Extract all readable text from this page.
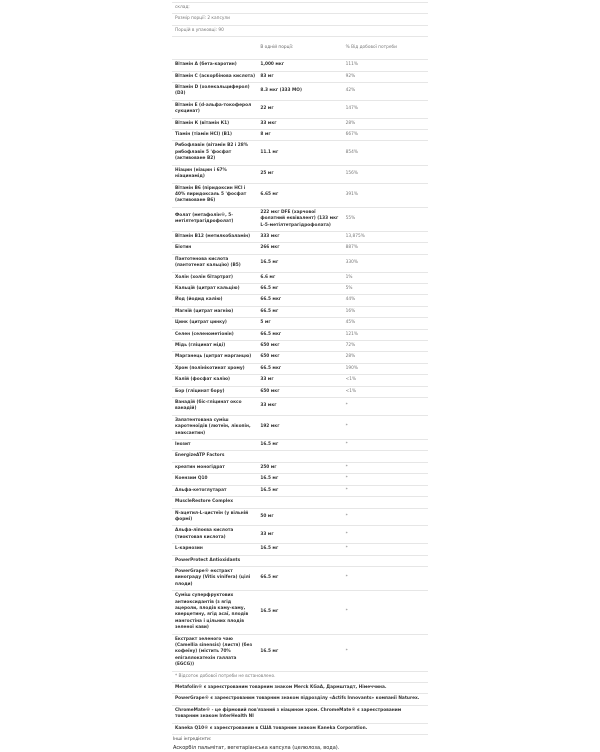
склад:		
Розмір порції: 2 капсули		
Порцій в упаковці: 90		
	В одній порції:	% Від добової потреби
Вітамін А (бета-каротин)	1,000 мкг	111%
Вітамін С (аскорбінова кислота)	83 мг	92%
Вітамін D (холекальциферол) (D3)	8.3 мкг (333 МО)	42%
Вітамін Е (d-альфа-токоферол сукцинат)	22 мг	147%
Вітамін К (вітамін К1)	33 мкг	28%
Тіамін (тіамін HCl) (B1)	8 мг	667%
Рибофлавін (вітамін B2 і 28% рибофлавін 5 'фосфат (активоване B2)	11.1 мг	854%
Ніацин (ніацин і 67% ніацинамід)	25 мг	156%
Вітамін B6 (піридоксин HCl і 40% пиридоксаль 5 'фосфат (активоване B6)	6.65 мг	391%
Фолат (метафолін®, 5-метілтетрагідрофолат)	222 мкг DFE (харчової фолатний еквівалент) (133 мкг L-5-метілтетрагідрофолата)	55%
Вітамін B12 (метилкобаламін)	333 мкг	13,875%
Біотин	266 мкг	887%
Пантотенова кислота (пантотенат кальцію) (B5)	16.5 мг	330%
Холін (холін бітартрат)	6.6 мг	1%
Кальцій (цитрат кальцію)	66.5 мг	5%
Йод (йодид калію)	66.5 мкг	44%
Магній (цитрат магнію)	66.5 мг	16%
Цинк (цитрат цинку)	5 мг	45%
Селен (селенометіонін)	66.5 мкг	121%
Мідь (гліцинат міді)	650 мкг	72%
Марганець (цитрат марганцю)	650 мкг	28%
Хром (полінікотинат хрому)	66.5 мкг	190%
Калій (фосфат калію)	33 мг	<1%
Бор (гліцинат бору)	650 мкг	<1%
Ванадій (біс-гліцинат оксо ванадій)	33 мкг	*
Запатентована суміш каротеноїдів (лютеїн, лікопін, зеаксантин)	192 мкг	*
Інозит	16.5 мг	*
EnergizeATP Factors		
креатин моногідрат	250 мг	*
Коензим Q10	16.5 мг	*
Альфа-кетоглутарат	16.5 мг	*
MuscleRestore Complex		
N-ацетил-L-цистеїн (у вільній формі)	50 мг	*
Альфа-ліпоєва кислота (тиоктовая кислота)	33 мг	*
L-карнозин	16.5 мг	*
PowerProtect Antioxidants		
PowerGrape® екстракт винограду (Vitis vinifera) (цілі плоди)	66.5 мг	*
Суміш суперфруктових антиоксидантів (з ягід ацероли, плодів каму-каму, кверцетину, ягід асаї, плодів мангостіна і цільних плодів зеленої кави)	16.5 мг	*
Екстракт зеленого чаю (Camellia sinensis) (листя) (без кофеїну) (містить 70% епігаллокатехін галлата (EGCG))	16.5 мг	*
* Відсоток добової потреби не встановлено.		
Metafolin® є зареєстрованим товарним знаком Merck KGaA, Дармштадт, Німеччина.		
PowerGrape® є зареєстрованим товарним знаком підрозділу «Actifs Innovants» компанії Naturex.		
ChromeMate® - це фірмовий пов'язаний з ніацином хром. ChromeMate® є зареєстрованим товарним знаком InterHealth NI		
Kaneka Q10® є зареєстрованим в США товарним знаком Kaneka Corporation.		
Інші інгредієнти:
Аскорбіл пальмітат, вегетаріанська капсула (целюлоза, вода).
